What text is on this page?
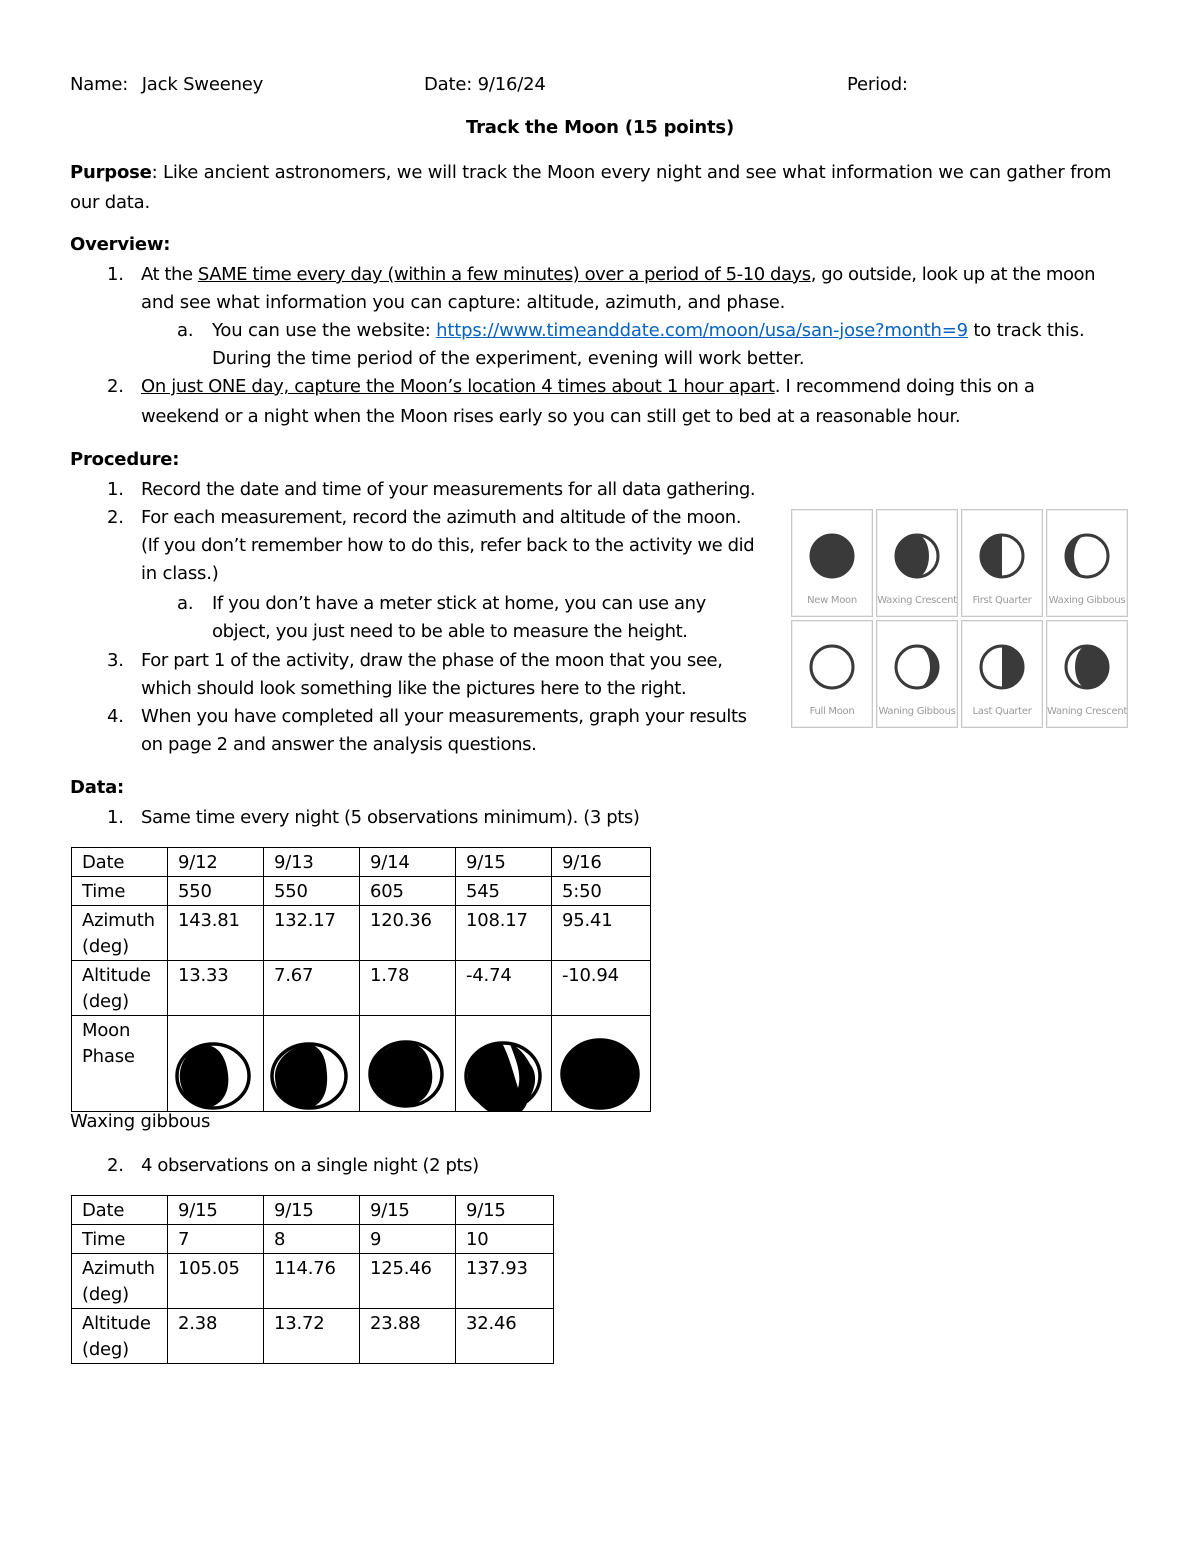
Name: Jack Sweeney	Date: 9/16/24	Period:
Track the Moon (15 points)
Purpose: Like ancient astronomers, we will track the Moon every night and see what information we can gather from
our data.
Overview:
1. At the SAME time every day (within a few minutes) over a period of 5-10 days, go outside, look up at the moon
and see what information you can capture: altitude, azimuth, and phase.
a. You can use the website: https://www.timeanddate.com/moon/usa/san-jose?month=9 to track this.
During the time period of the experiment, evening will work better.
2. On just ONE day, capture the Moon’s location 4 times about 1 hour apart. I recommend doing this on a
weekend or a night when the Moon rises early so you can still get to bed at a reasonable hour.
Procedure:
1. Record the date and time of your measurements for all data gathering.
2. For each measurement, record the azimuth and altitude of the moon.
(If you don’t remember how to do this, refer back to the activity we did
in class.)
a. If you don’t have a meter stick at home, you can use any
object, you just need to be able to measure the height.
3. For part 1 of the activity, draw the phase of the moon that you see,
which should look something like the pictures here to the right.
4. When you have completed all your measurements, graph your results
on page 2 and answer the analysis questions.
New Moon	Waxing Crescent	First Quarter	Waxing Gibbous
Full Moon	Waning Gibbous	Last Quarter	Waning Crescent
Data:
1. Same time every night (5 observations minimum). (3 pts)
Date	9/12	9/13	9/14	9/15	9/16
Time	550	550	605	545	5:50
Azimuth
(deg)	143.81	132.17	120.36	108.17	95.41
Altitude
(deg)	13.33	7.67	1.78	-4.74	-10.94
Moon
Phase	

Waxing gibbous
2. 4 observations on a single night (2 pts)
Date	9/15	9/15	9/15	9/15
Time	7	8	9	10
Azimuth
(deg)	105.05	114.76	125.46	137.93
Altitude
(deg)	2.38	13.72	23.88	32.46
